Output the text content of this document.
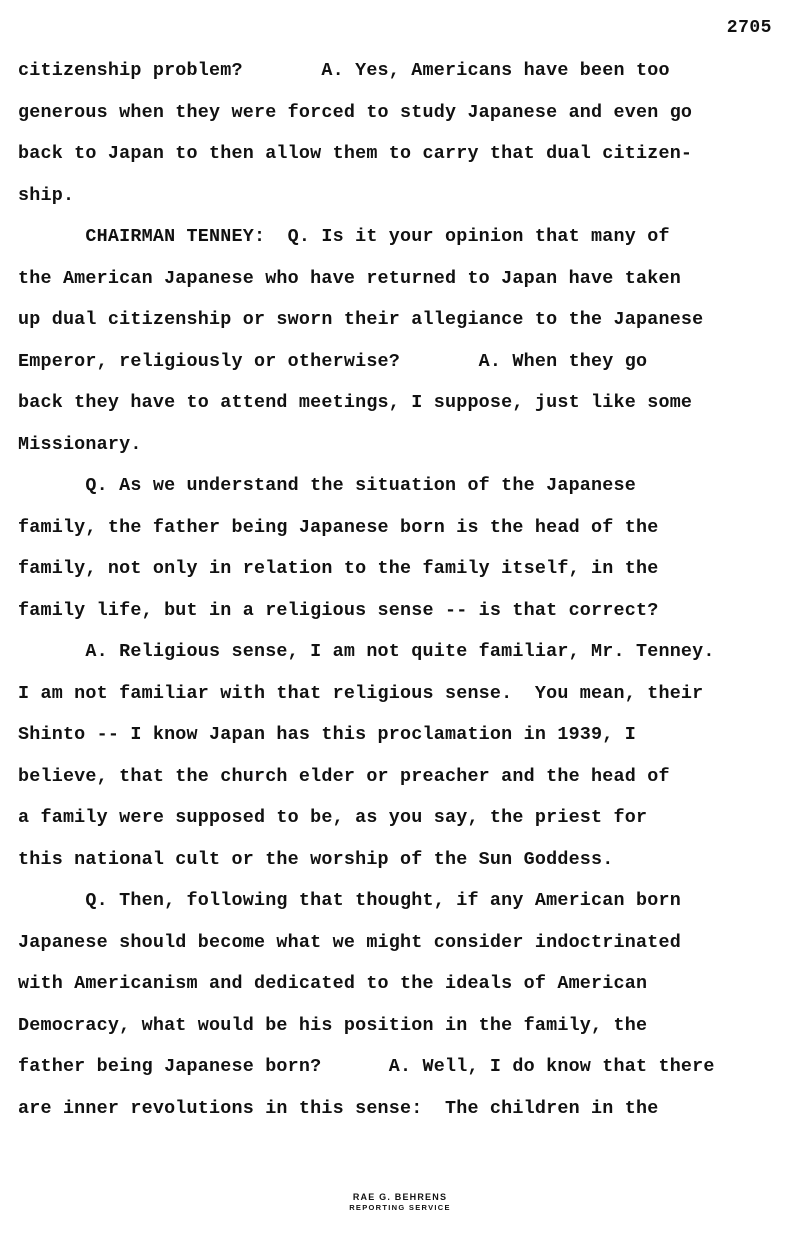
2705
citizenship problem?       A. Yes, Americans have been too
generous when they were forced to study Japanese and even go
back to Japan to then allow them to carry that dual citizen-
ship.
CHAIRMAN TENNEY:  Q. Is it your opinion that many of
the American Japanese who have returned to Japan have taken
up dual citizenship or sworn their allegiance to the Japanese
Emperor, religiously or otherwise?       A. When they go
back they have to attend meetings, I suppose, just like some
Missionary.
Q. As we understand the situation of the Japanese
family, the father being Japanese born is the head of the
family, not only in relation to the family itself, in the
family life, but in a religious sense -- is that correct?
A. Religious sense, I am not quite familiar, Mr. Tenney.
I am not familiar with that religious sense.  You mean, their
Shinto -- I know Japan has this proclamation in 1939, I
believe, that the church elder or preacher and the head of
a family were supposed to be, as you say, the priest for
this national cult or the worship of the Sun Goddess.
Q. Then, following that thought, if any American born
Japanese should become what we might consider indoctrinated
with Americanism and dedicated to the ideals of American
Democracy, what would be his position in the family, the
father being Japanese born?      A. Well, I do know that there
are inner revolutions in this sense:  The children in the
RAE G. BEHRENS
REPORTING SERVICE
